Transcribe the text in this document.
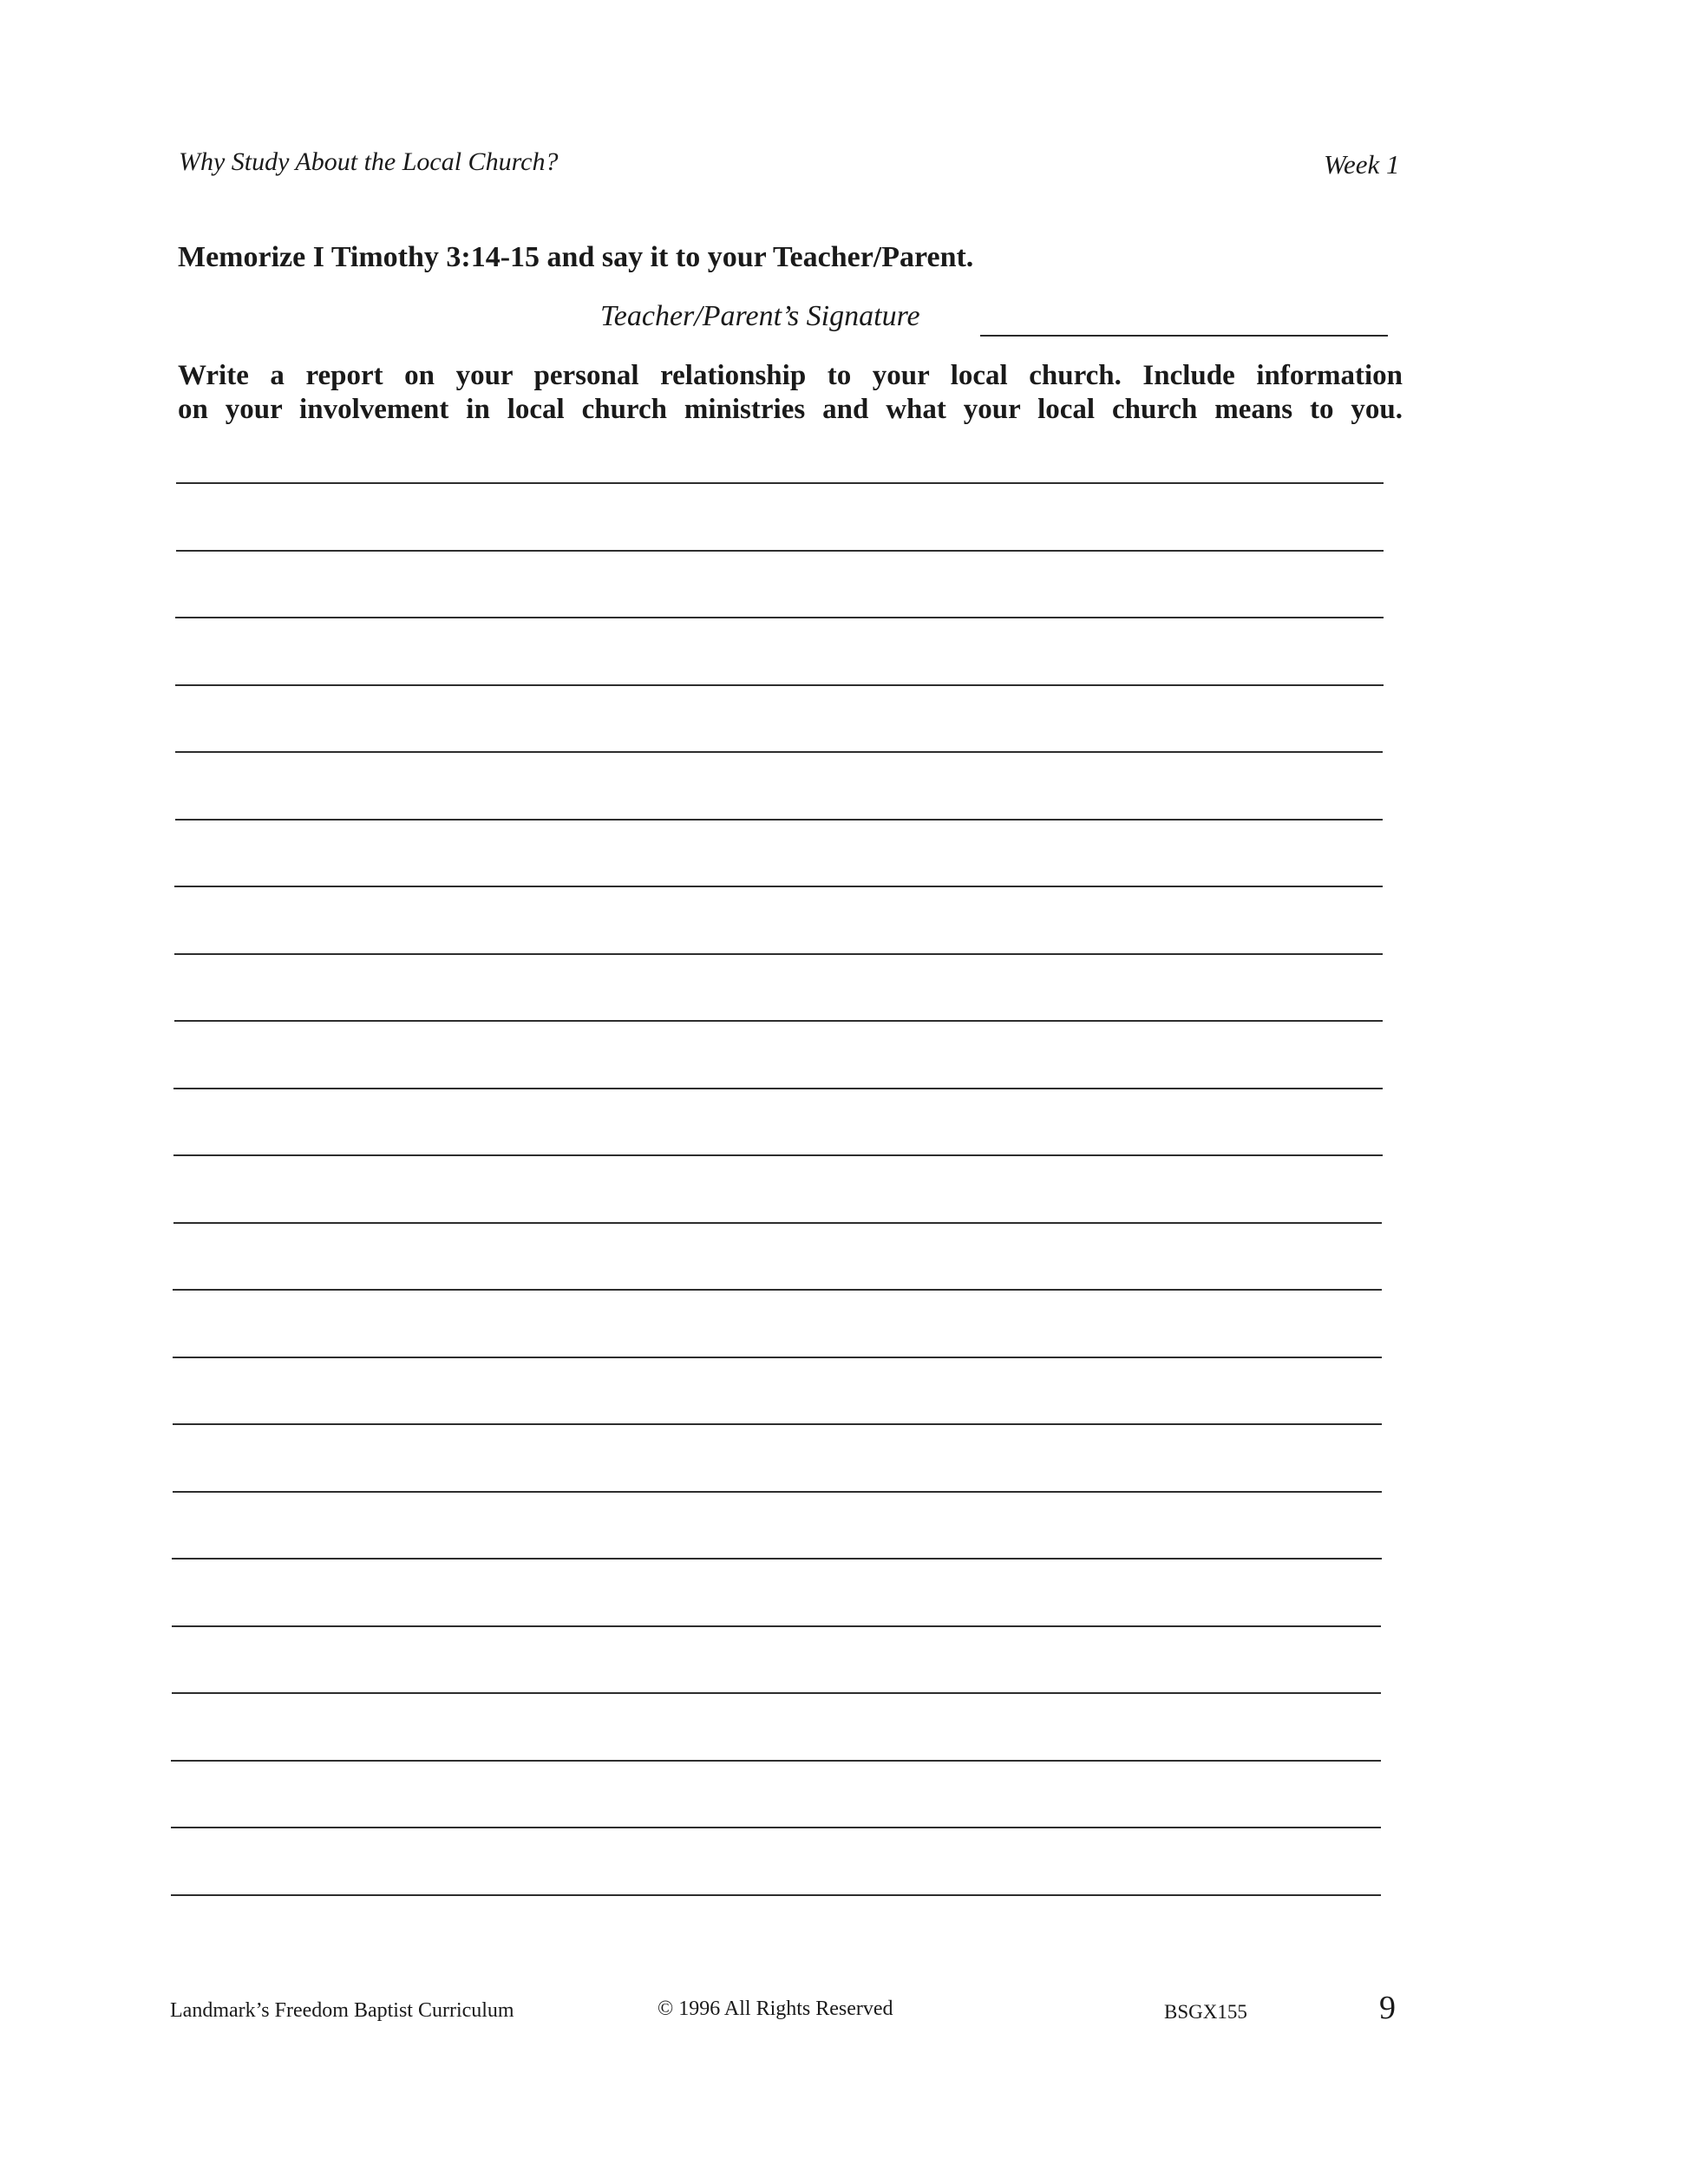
Why Study About the Local Church?	Week 1
Memorize I Timothy 3:14-15 and say it to your Teacher/Parent.
Teacher/Parent’s Signature
Write a report on your personal relationship to your local church. Include information
on your involvement in local church ministries and what your local church means to you.
Landmark’s Freedom Baptist Curriculum	© 1996 All Rights Reserved	BSGX155	9
